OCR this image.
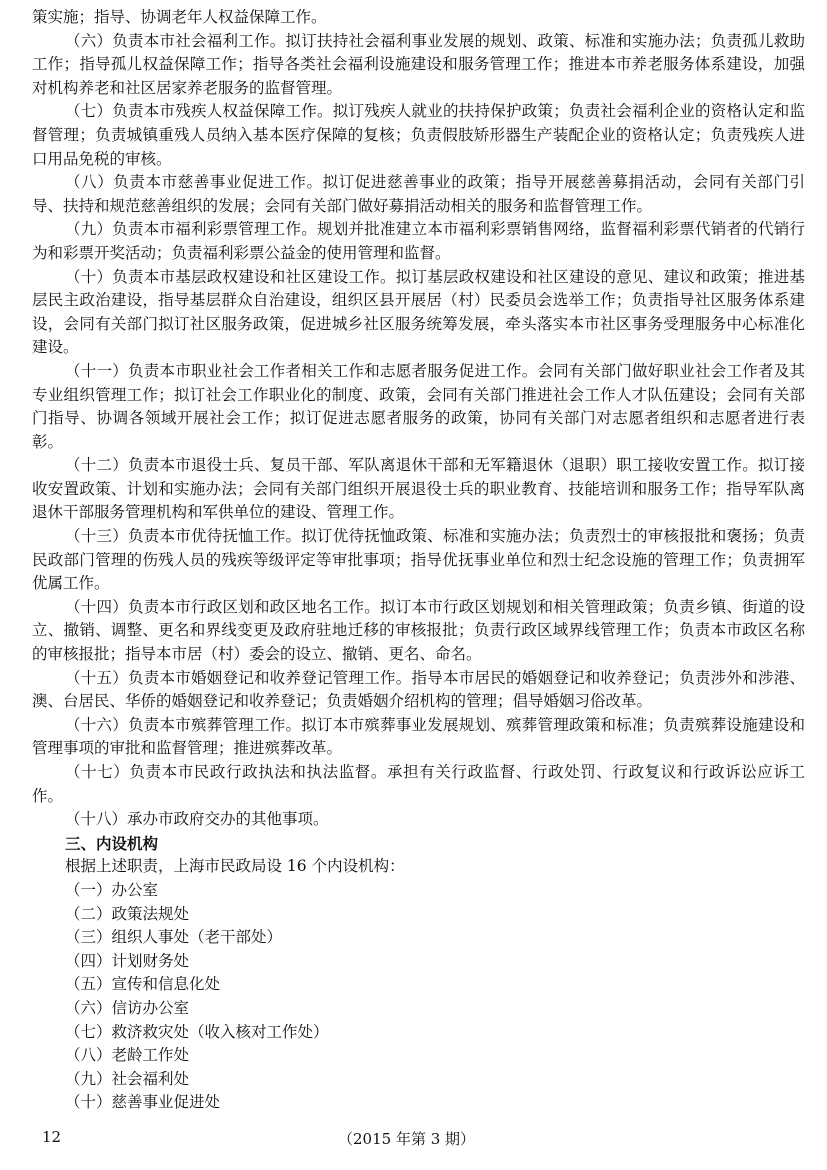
策实施；指导、协调老年人权益保障工作。

（六）负责本市社会福利工作。拟订扶持社会福利事业发展的规划、政策、标准和实施办法；负责孤儿救助工作；指导孤儿权益保障工作；指导各类社会福利设施建设和服务管理工作；推进本市养老服务体系建设，加强对机构养老和社区居家养老服务的监督管理。

（七）负责本市残疾人权益保障工作。拟订残疾人就业的扶持保护政策；负责社会福利企业的资格认定和监督管理；负责城镇重残人员纳入基本医疗保障的复核；负责假肢矫形器生产装配企业的资格认定；负责残疾人进口用品免税的审核。

（八）负责本市慈善事业促进工作。拟订促进慈善事业的政策；指导开展慈善募捐活动，会同有关部门引导、扶持和规范慈善组织的发展；会同有关部门做好募捐活动相关的服务和监督管理工作。

（九）负责本市福利彩票管理工作。规划并批准建立本市福利彩票销售网络，监督福利彩票代销者的代销行为和彩票开奖活动；负责福利彩票公益金的使用管理和监督。

（十）负责本市基层政权建设和社区建设工作。拟订基层政权建设和社区建设的意见、建议和政策；推进基层民主政治建设，指导基层群众自治建设，组织区县开展居（村）民委员会选举工作；负责指导社区服务体系建设，会同有关部门拟订社区服务政策，促进城乡社区服务统筹发展，牵头落实本市社区事务受理服务中心标准化建设。

（十一）负责本市职业社会工作者相关工作和志愿者服务促进工作。会同有关部门做好职业社会工作者及其专业组织管理工作；拟订社会工作职业化的制度、政策，会同有关部门推进社会工作人才队伍建设；会同有关部门指导、协调各领域开展社会工作；拟订促进志愿者服务的政策，协同有关部门对志愿者组织和志愿者进行表彰。

（十二）负责本市退役士兵、复员干部、军队离退休干部和无军籍退休（退职）职工接收安置工作。拟订接收安置政策、计划和实施办法；会同有关部门组织开展退役士兵的职业教育、技能培训和服务工作；指导军队离退休干部服务管理机构和军供单位的建设、管理工作。

（十三）负责本市优待抚恤工作。拟订优待抚恤政策、标准和实施办法；负责烈士的审核报批和褒扬；负责民政部门管理的伤残人员的残疾等级评定等审批事项；指导优抚事业单位和烈士纪念设施的管理工作；负责拥军优属工作。

（十四）负责本市行政区划和政区地名工作。拟订本市行政区划规划和相关管理政策；负责乡镇、街道的设立、撤销、调整、更名和界线变更及政府驻地迁移的审核报批；负责行政区域界线管理工作；负责本市政区名称的审核报批；指导本市居（村）委会的设立、撤销、更名、命名。

（十五）负责本市婚姻登记和收养登记管理工作。指导本市居民的婚姻登记和收养登记；负责涉外和涉港、澳、台居民、华侨的婚姻登记和收养登记；负责婚姻介绍机构的管理；倡导婚姻习俗改革。

（十六）负责本市殡葬管理工作。拟订本市殡葬事业发展规划、殡葬管理政策和标准；负责殡葬设施建设和管理事项的审批和监督管理；推进殡葬改革。

（十七）负责本市民政行政执法和执法监督。承担有关行政监督、行政处罚、行政复议和行政诉讼应诉工作。

（十八）承办市政府交办的其他事项。

三、内设机构

根据上述职责，上海市民政局设 16 个内设机构：

（一）办公室

（二）政策法规处

（三）组织人事处（老干部处）

（四）计划财务处

（五）宣传和信息化处

（六）信访办公室

（七）救济救灾处（收入核对工作处）

（八）老龄工作处

（九）社会福利处

（十）慈善事业促进处

12	（2015 年第 3 期）
